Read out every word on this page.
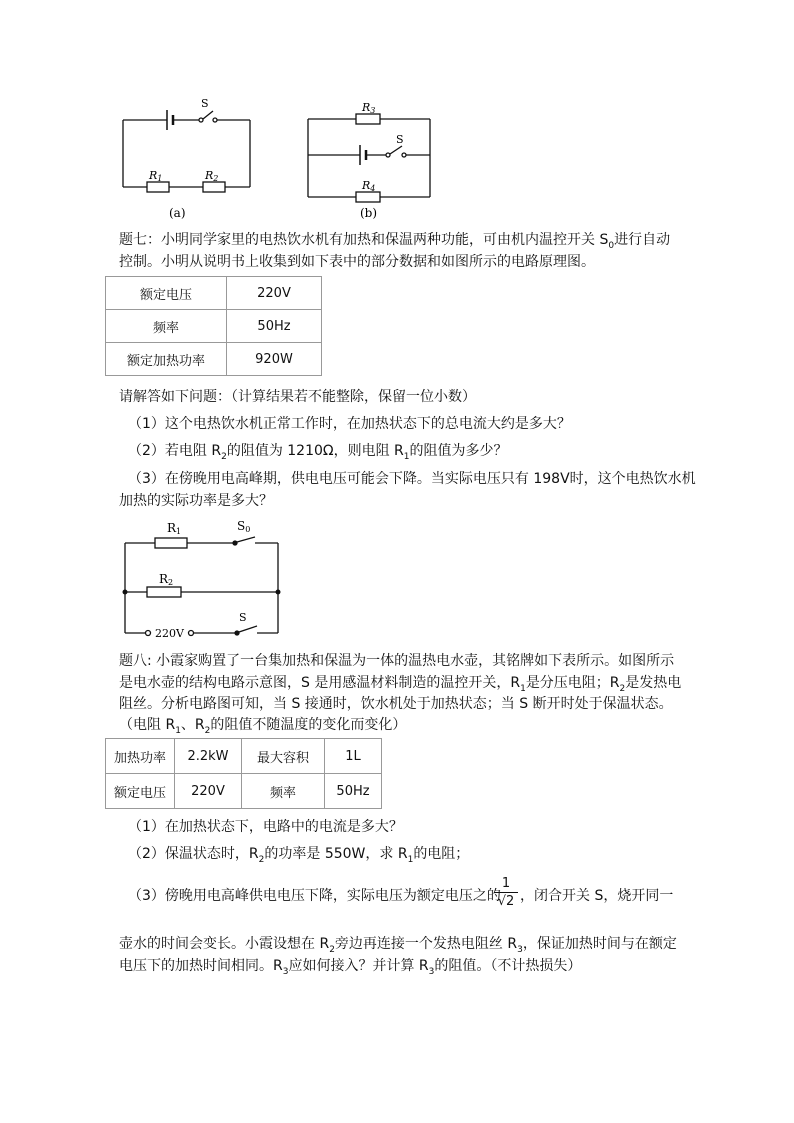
S
R1	R2
(a)
R3
S
R4
(b)
题七：小明同学家里的电热饮水机有加热和保温两种功能，可由机内温控开关 $S_0$进行自动
控制。小明从说明书上收集到如下表中的部分数据和如图所示的电路原理图。
额定电压	220V
频率	50Hz
额定加热功率	920W
请解答如下问题：（计算结果若不能整除，保留一位小数）
（1）这个电热饮水机正常工作时，在加热状态下的总电流大约是多大？
（2）若电阻 $R_2$的阻值为 1210Ω，则电阻 $R_1$的阻值为多少？
（3）在傍晚用电高峰期，供电电压可能会下降。当实际电压只有 198V时，这个电热饮水机
加热的实际功率是多大？
R1	S0
R2
220V
S
题八: 小霞家购置了一台集加热和保温为一体的温热电水壶，其铭牌如下表所示。如图所示
是电水壶的结构电路示意图，S 是用感温材料制造的温控开关，$R_1$是分压电阻；$R_2$是发热电
阻丝。分析电路图可知，当 S 接通时，饮水机处于加热状态；当 S 断开时处于保温状态。
（电阻 $R_1$、$R_2$的阻值不随温度的变化而变化）
加热功率	2.2kW	最大容积	1L
额定电压	220V	频率	50Hz
（1）在加热状态下，电路中的电流是多大？
（2）保温状态时，$R_2$的功率是 550W，求 $R_1$的电阻；
（3）傍晚用电高峰供电电压下降，实际电压为额定电压之的
$\frac{1}{√2}$ ，闭合开关 S，烧开同一
壶水的时间会变长。小霞设想在 $R_2$旁边再连接一个发热电阻丝 $R_3$，保证加热时间与在额定
电压下的加热时间相同。$R_3$应如何接入？并计算 $R_3$的阻值。（不计热损失）
